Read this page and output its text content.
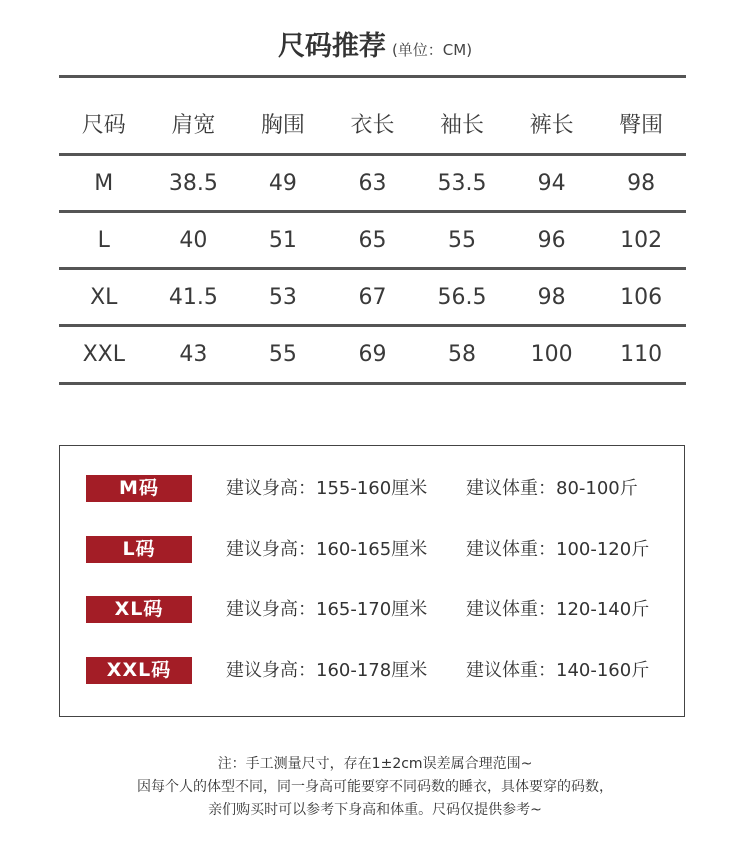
尺码推荐 (单位：CM)
尺码	肩宽	胸围	衣长	袖长	裤长	臀围
M	38.5	49	63	53.5	94	98
L	40	51	65	55	96	102
XL	41.5	53	67	56.5	98	106
XXL	43	55	69	58	100	110
M码	建议身高：155-160厘米 建议体重：80-100斤
L码	建议身高：160-165厘米 建议体重：100-120斤
XL码	建议身高：165-170厘米 建议体重：120-140斤
XXL码	建议身高：160-178厘米 建议体重：140-160斤
注：手工测量尺寸，存在1±2cm误差属合理范围~
因每个人的体型不同，同一身高可能要穿不同码数的睡衣，具体要穿的码数，
亲们购买时可以参考下身高和体重。尺码仅提供参考~
